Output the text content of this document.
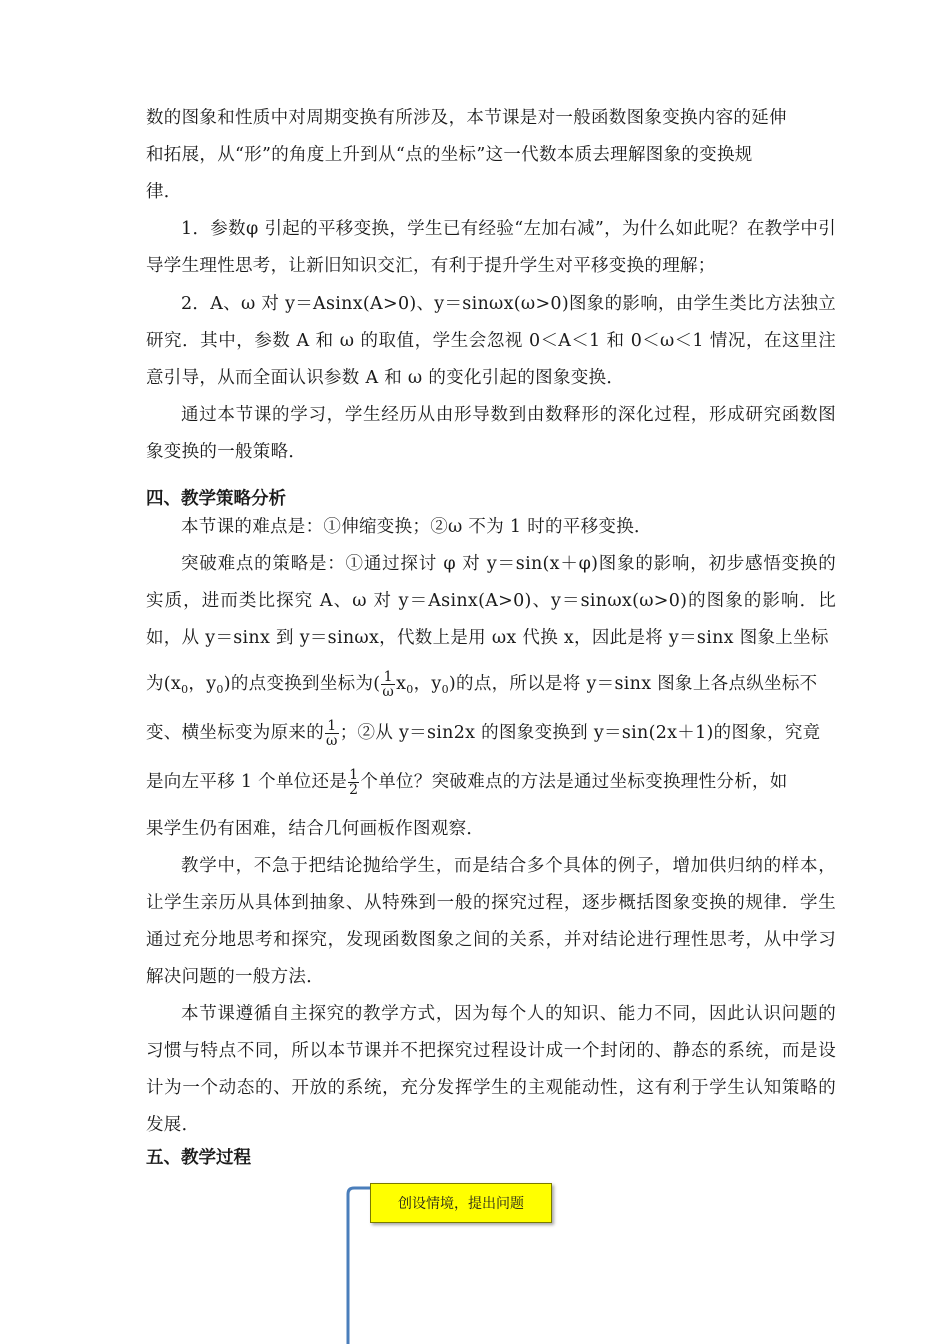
数的图象和性质中对周期变换有所涉及，本节课是对一般函数图象变换内容的延伸
和拓展，从“形”的角度上升到从“点的坐标”这一代数本质去理解图象的变换规
律．

1．参数φ 引起的平移变换，学生已有经验“左加右减”，为什么如此呢？在教学中引导学生理性思考，让新旧知识交汇，有利于提升学生对平移变换的理解；

2．A、ω 对 y＝Asinx(A>0)、y＝sinωx(ω>0)图象的影响，由学生类比方法独立研究．其中，参数 A 和 ω 的取值，学生会忽视 0＜A＜1 和 0＜ω＜1 情况，在这里注意引导，从而全面认识参数 A 和 ω 的变化引起的图象变换．

通过本节课的学习，学生经历从由形导数到由数释形的深化过程，形成研究函数图象变换的一般策略．

四、教学策略分析

本节课的难点是：①伸缩变换；②ω 不为 1 时的平移变换．

突破难点的策略是：①通过探讨 φ 对 y＝sin(x＋φ)图象的影响，初步感悟变换的实质，进而类比探究 A、ω 对 y＝Asinx(A>0)、y＝sinωx(ω>0)的图象的影响．比如，从 y＝sinx 到 y＝sinωx，代数上是用 ωx 代换 x，因此是将 y＝sinx 图象上坐标

为($x_0$，$y_0$)的点变换到坐标为( $\frac{1}{\omega} x_0$，$y_0$)的点，所以是将 y＝sinx 图象上各点纵坐标不

变、横坐标变为原来的 $\frac{1}{\omega}$ ；②从 y＝sin2x 的图象变换到 y＝sin(2x＋1)的图象，究竟

是向左平移 1 个单位还是 $\frac{1}{2}$ 个单位？突破难点的方法是通过坐标变换理性分析，如

果学生仍有困难，结合几何画板作图观察．

教学中，不急于把结论抛给学生，而是结合多个具体的例子，增加供归纳的样本，让学生亲历从具体到抽象、从特殊到一般的探究过程，逐步概括图象变换的规律．学生通过充分地思考和探究，发现函数图象之间的关系，并对结论进行理性思考，从中学习解决问题的一般方法．

本节课遵循自主探究的教学方式，因为每个人的知识、能力不同，因此认识问题的习惯与特点不同，所以本节课并不把探究过程设计成一个封闭的、静态的系统，而是设计为一个动态的、开放的系统，充分发挥学生的主观能动性，这有利于学生认知策略的发展．

五、教学过程
创设情境，提出问题
